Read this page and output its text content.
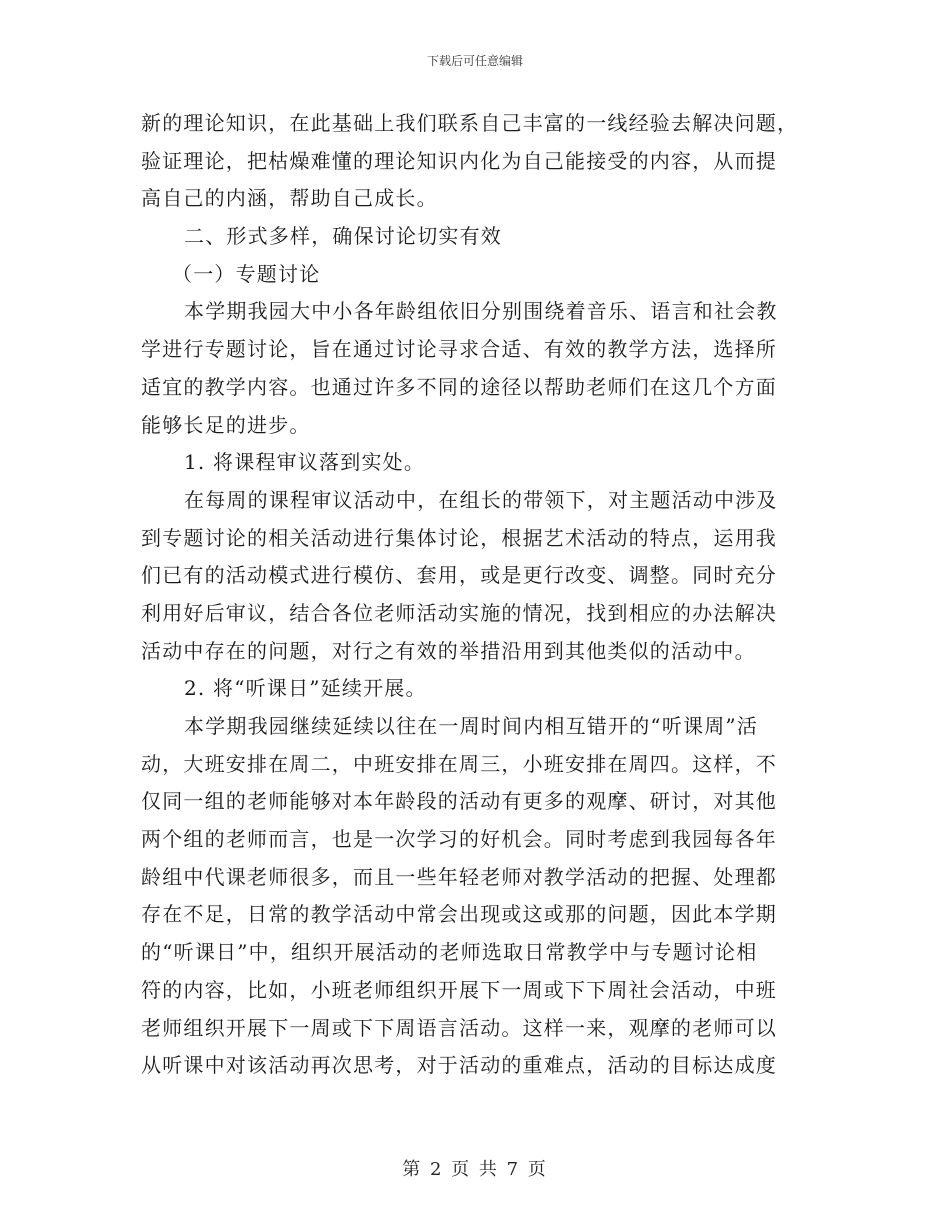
下载后可任意编辑
新的理论知识，在此基础上我们联系自己丰富的一线经验去解决问题，
验证理论，把枯燥难懂的理论知识内化为自己能接受的内容，从而提
高自己的内涵，帮助自己成长。
二、形式多样，确保讨论切实有效
（一）专题讨论
本学期我园大中小各年龄组依旧分别围绕着音乐、语言和社会教
学进行专题讨论，旨在通过讨论寻求合适、有效的教学方法，选择所
适宜的教学内容。也通过许多不同的途径以帮助老师们在这几个方面
能够长足的进步。
1. 将课程审议落到实处。
在每周的课程审议活动中，在组长的带领下，对主题活动中涉及
到专题讨论的相关活动进行集体讨论，根据艺术活动的特点，运用我
们已有的活动模式进行模仿、套用，或是更行改变、调整。同时充分
利用好后审议，结合各位老师活动实施的情况，找到相应的办法解决
活动中存在的问题，对行之有效的举措沿用到其他类似的活动中。
2. 将“听课日”延续开展。
本学期我园继续延续以往在一周时间内相互错开的“听课周”活
动，大班安排在周二，中班安排在周三，小班安排在周四。这样，不
仅同一组的老师能够对本年龄段的活动有更多的观摩、研讨，对其他
两个组的老师而言，也是一次学习的好机会。同时考虑到我园每各年
龄组中代课老师很多，而且一些年轻老师对教学活动的把握、处理都
存在不足，日常的教学活动中常会出现或这或那的问题，因此本学期
的“听课日”中，组织开展活动的老师选取日常教学中与专题讨论相
符的内容，比如，小班老师组织开展下一周或下下周社会活动，中班
老师组织开展下一周或下下周语言活动。这样一来，观摩的老师可以
从听课中对该活动再次思考，对于活动的重难点，活动的目标达成度
第 2 页 共 7 页
